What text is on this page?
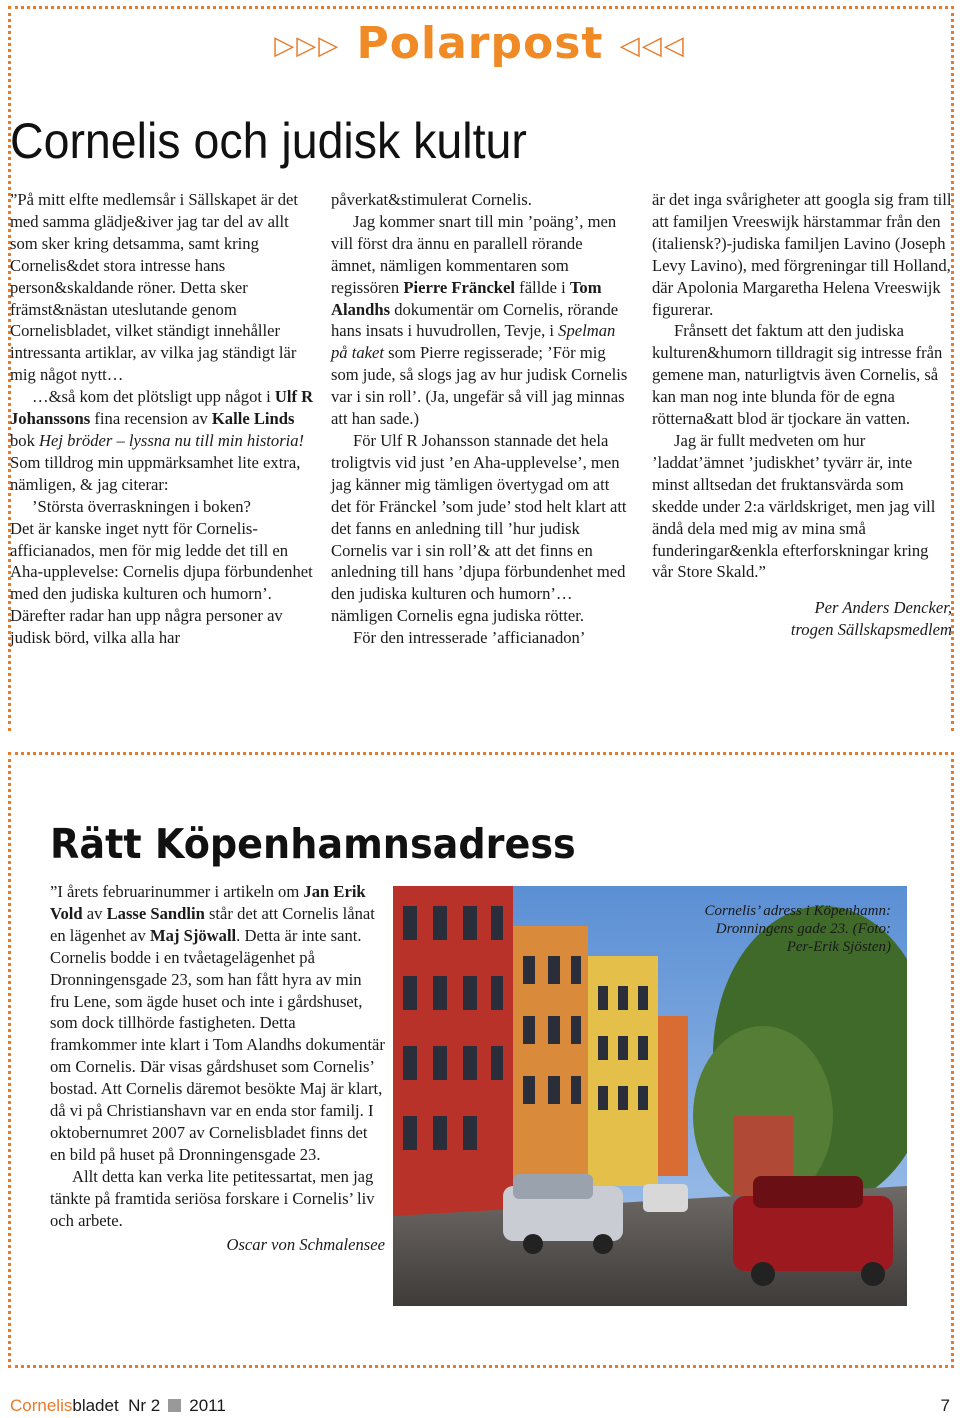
▷▷▷ Polarpost ◁◁◁
Cornelis och judisk kultur

”På mitt elfte medlemsår i Sällskapet är det med samma glädje&iver jag tar del av allt som sker kring detsamma, samt kring Cornelis&det stora intresse hans person&skaldande röner. Detta sker främst&nästan uteslutande genom Cornelisbladet, vilket ständigt innehåller intressanta artiklar, av vilka jag ständigt lär mig något nytt…

…&så kom det plötsligt upp något i Ulf R Johanssons fina recension av Kalle Linds bok Hej bröder – lyssna nu till min historia! Som tilldrog min uppmärksamhet lite extra, nämligen, & jag citerar:

’Största överraskningen i boken?

Det är kanske inget nytt för Cornelis-afficianados, men för mig ledde det till en Aha-upplevelse: Cornelis djupa förbundenhet med den judiska kulturen och humorn’. Därefter radar han upp några personer av judisk börd, vilka alla har

påverkat&stimulerat Cornelis.

Jag kommer snart till min ’poäng’, men vill först dra ännu en parallell rörande ämnet, nämligen kommentaren som regissören Pierre Fränckel fällde i Tom Alandhs dokumentär om Cornelis, rörande hans insats i huvudrollen, Tevje, i Spelman på taket som Pierre regisserade; ’För mig som jude, så slogs jag av hur judisk Cornelis var i sin roll’. (Ja, ungefär så vill jag minnas att han sade.)

För Ulf R Johansson stannade det hela troligtvis vid just ’en Aha-upplevelse’, men jag känner mig tämligen övertygad om att det för Fränckel ’som jude’ stod helt klart att det fanns en anledning till ’hur judisk Cornelis var i sin roll’& att det finns en anledning till hans ’djupa förbundenhet med den judiska kulturen och humorn’…nämligen Cornelis egna judiska rötter.

För den intresserade ’afficianadon’

är det inga svårigheter att googla sig fram till att familjen Vreeswijk härstammar från den (italiensk?)-judiska familjen Lavino (Joseph Levy Lavino), med förgreningar till Holland, där Apolonia Margaretha Helena Vreeswijk figurerar.

Frånsett det faktum att den judiska kulturen&humorn tilldragit sig intresse från gemene man, naturligtvis även Cornelis, så kan man nog inte blunda för de egna rötterna&att blod är tjockare än vatten.

Jag är fullt medveten om hur ’laddat’ämnet ’judiskhet’ tyvärr är, inte minst alltsedan det fruktansvärda som skedde under 2:a världskriget, men jag vill ändå dela med mig av mina små funderingar&enkla efterforskningar kring vår Store Skald.”

Per Anders Dencker,
trogen Sällskapsmedlem
Rätt Köpenhamnsadress

”I årets februarinummer i artikeln om Jan Erik Vold av Lasse Sandlin står det att Cornelis lånat en lägenhet av Maj Sjöwall. Detta är inte sant. Cornelis bodde i en tvåetagelägenhet på Dronningensgade 23, som han fått hyra av min fru Lene, som ägde huset och inte i gårdshuset, som dock tillhörde fastigheten. Detta framkommer inte klart i Tom Alandhs dokumentär om Cornelis. Där visas gårdshuset som Cornelis’ bostad. Att Cornelis däremot besökte Maj är klart, då vi på Christianshavn var en enda stor familj. I oktobernumret 2007 av Cornelisbladet finns det en bild på huset på Dronningensgade 23.

Allt detta kan verka lite petitessartat, men jag tänkte på framtida seriösa forskare i Cornelis’ liv och arbete.

Oscar von Schmalensee
Cornelis’ adress i Köpenhamn: Dronningens gade 23. (Foto: Per-Erik Sjösten)
Cornelisbladet Nr 2 2011	7
